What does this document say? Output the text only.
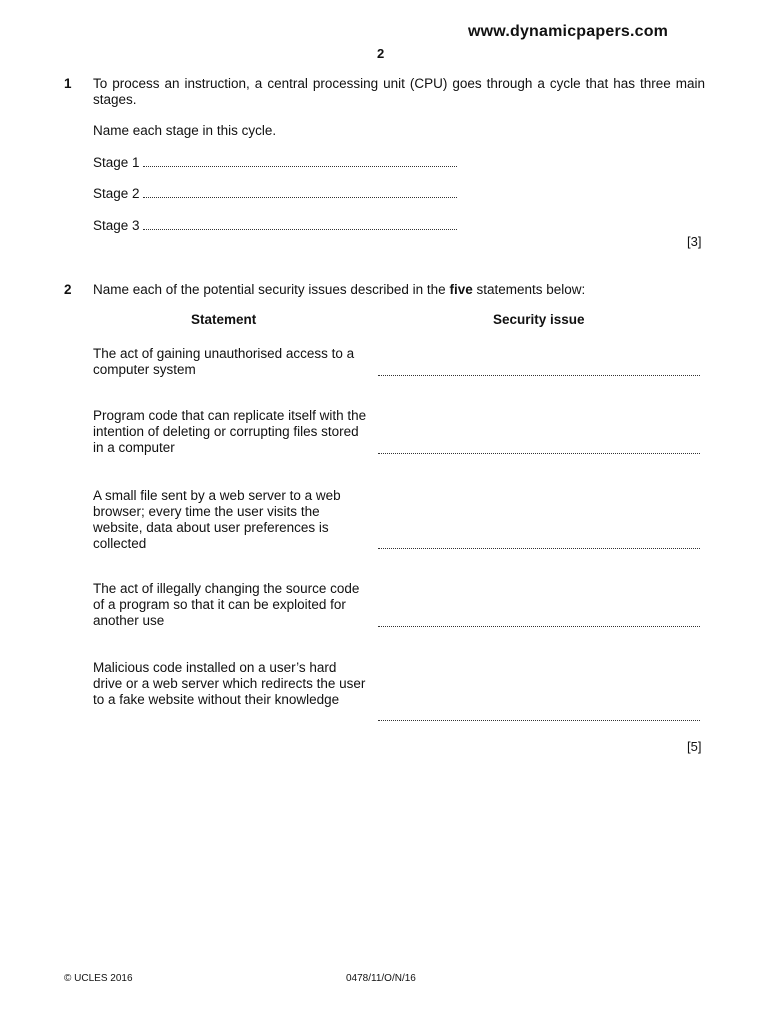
www.dynamicpapers.com
2
1 To process an instruction, a central processing unit (CPU) goes through a cycle that has three main stages.
Name each stage in this cycle.
Stage 1
Stage 2
Stage 3
[3]
2 Name each of the potential security issues described in the five statements below:
Statement	Security issue
The act of gaining unauthorised access to a computer system
Program code that can replicate itself with the intention of deleting or corrupting files stored in a computer
A small file sent by a web server to a web browser; every time the user visits the website, data about user preferences is collected
The act of illegally changing the source code of a program so that it can be exploited for another use
Malicious code installed on a user’s hard drive or a web server which redirects the user to a fake website without their knowledge
[5]
© UCLES 2016	0478/11/O/N/16
